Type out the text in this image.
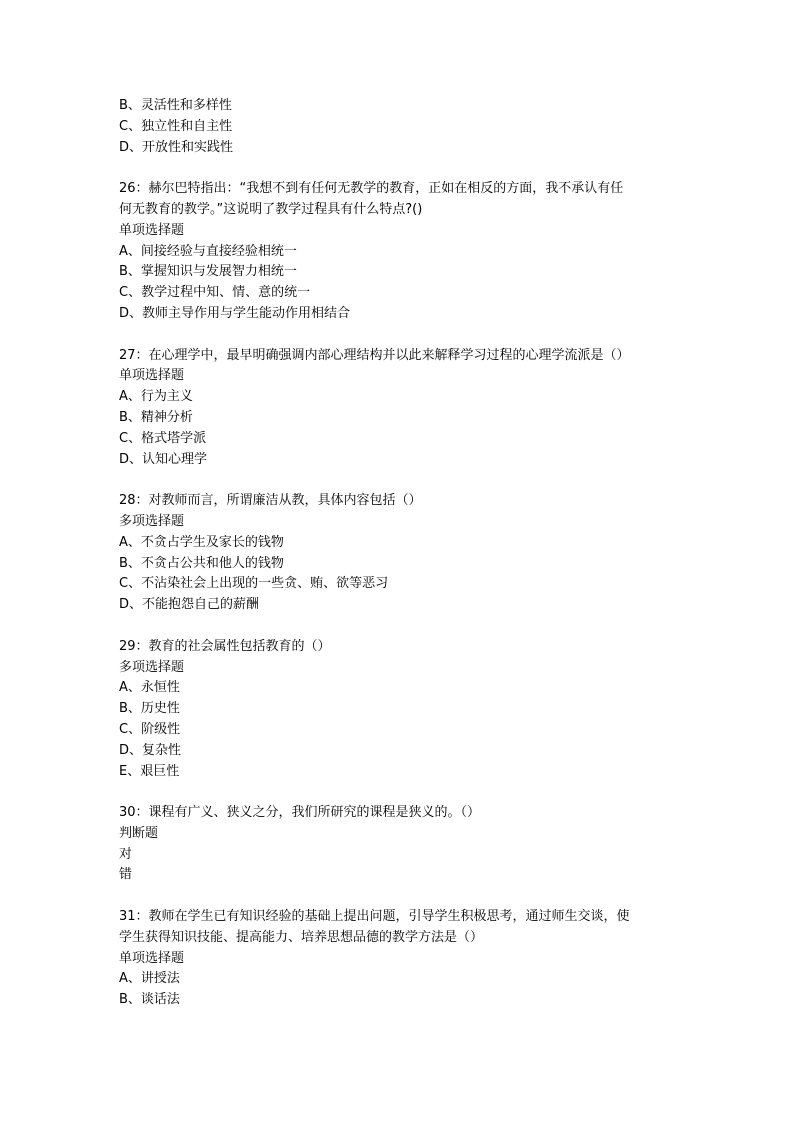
B、灵活性和多样性
C、独立性和自主性
D、开放性和实践性
26：赫尔巴特指出：“我想不到有任何无教学的教育，正如在相反的方面，我不承认有任
何无教育的教学。”这说明了教学过程具有什么特点?()
单项选择题
A、间接经验与直接经验相统一
B、掌握知识与发展智力相统一
C、教学过程中知、情、意的统一
D、教师主导作用与学生能动作用相结合
27：在心理学中，最早明确强调内部心理结构并以此来解释学习过程的心理学流派是（）
单项选择题
A、行为主义
B、精神分析
C、格式塔学派
D、认知心理学
28：对教师而言，所谓廉洁从教，具体内容包括（）
多项选择题
A、不贪占学生及家长的钱物
B、不贪占公共和他人的钱物
C、不沾染社会上出现的一些贪、贿、欲等恶习
D、不能抱怨自己的薪酬
29：教育的社会属性包括教育的（）
多项选择题
A、永恒性
B、历史性
C、阶级性
D、复杂性
E、艰巨性
30：课程有广义、狭义之分，我们所研究的课程是狭义的。（）
判断题
对
错
31：教师在学生已有知识经验的基础上提出问题，引导学生积极思考，通过师生交谈，使
学生获得知识技能、提高能力、培养思想品德的教学方法是（）
单项选择题
A、讲授法
B、谈话法
